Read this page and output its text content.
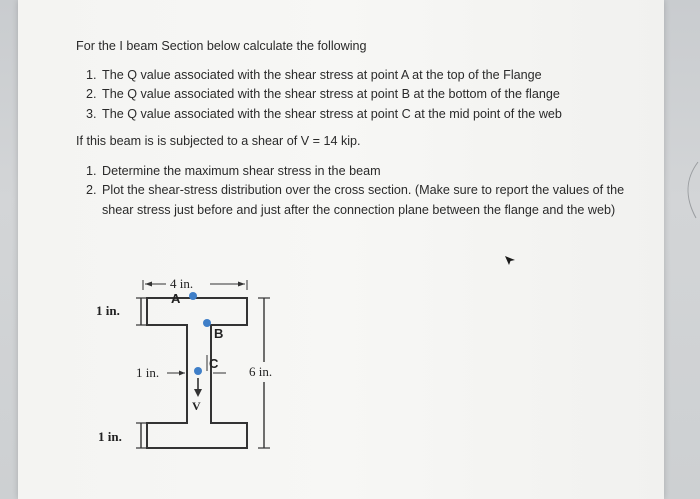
For the I beam Section below calculate the following

1. The Q value associated with the shear stress at point A at the top of the Flange
2. The Q value associated with the shear stress at point B at the bottom of the flange
3. The Q value associated with the shear stress at point C at the mid point of the web

If this beam is is subjected to a shear of V = 14 kip.

1. Determine the maximum shear stress in the beam
2. Plot the shear-stress distribution over the cross section. (Make sure to report the values of the shear stress just before and just after the connection plane between the flange and the web)
4 in.
1 in.
A
B
1 in.
C
V
6 in.
1 in.
